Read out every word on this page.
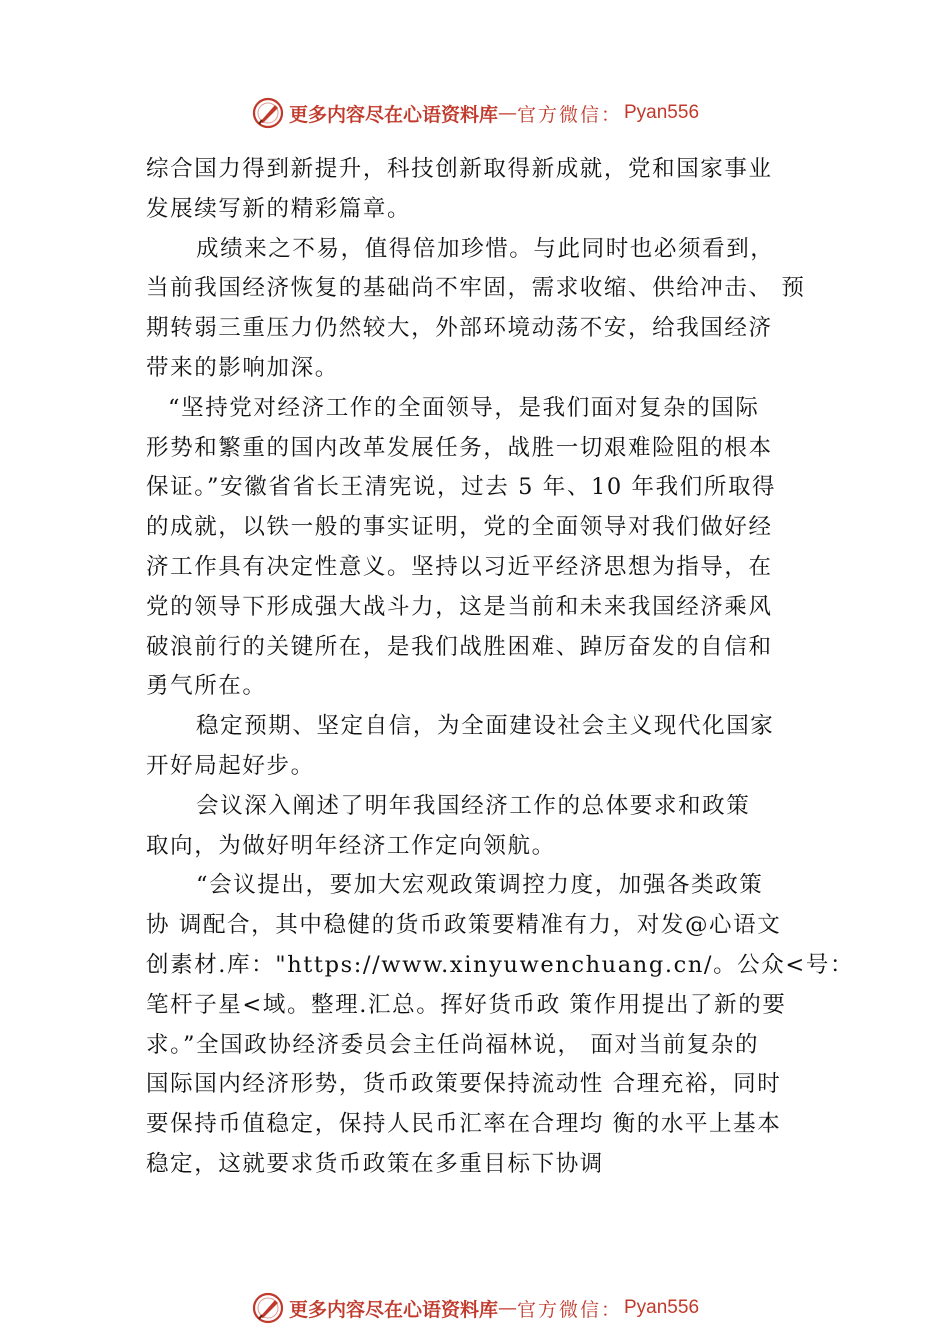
更多内容尽在心语资料库 — 官方微信： Pyan556

综合国力得到新提升，科技创新取得新成就，党和国家事业
发展续写新的精彩篇章。

成绩来之不易，值得倍加珍惜。与此同时也必须看到，
当前我国经济恢复的基础尚不牢固，需求收缩、供给冲击、 预
期转弱三重压力仍然较大，外部环境动荡不安，给我国经济
带来的影响加深。

“坚持党对经济工作的全面领导，是我们面对复杂的国际
形势和繁重的国内改革发展任务，战胜一切艰难险阻的根本
保证。”安徽省省长王清宪说，过去 5 年、10 年我们所取得
的成就，以铁一般的事实证明，党的全面领导对我们做好经
济工作具有决定性意义。坚持以习近平经济思想为指导，在
党的领导下形成强大战斗力，这是当前和未来我国经济乘风
破浪前行的关键所在，是我们战胜困难、踔厉奋发的自信和
勇气所在。

稳定预期、坚定自信，为全面建设社会主义现代化国家
开好局起好步。

会议深入阐述了明年我国经济工作的总体要求和政策
取向，为做好明年经济工作定向领航。

“会议提出，要加大宏观政策调控力度，加强各类政策
协 调配合，其中稳健的货币政策要精准有力，对发@心语文
创素材.库："https://www.xinyuwenchuang.cn/。公众<号：
笔杆子星<域。整理.汇总。挥好货币政 策作用提出了新的要
求。”全国政协经济委员会主任尚福林说， 面对当前复杂的
国际国内经济形势，货币政策要保持流动性 合理充裕，同时
要保持币值稳定，保持人民币汇率在合理均 衡的水平上基本
稳定，这就要求货币政策在多重目标下协调

更多内容尽在心语资料库 — 官方微信： Pyan556
